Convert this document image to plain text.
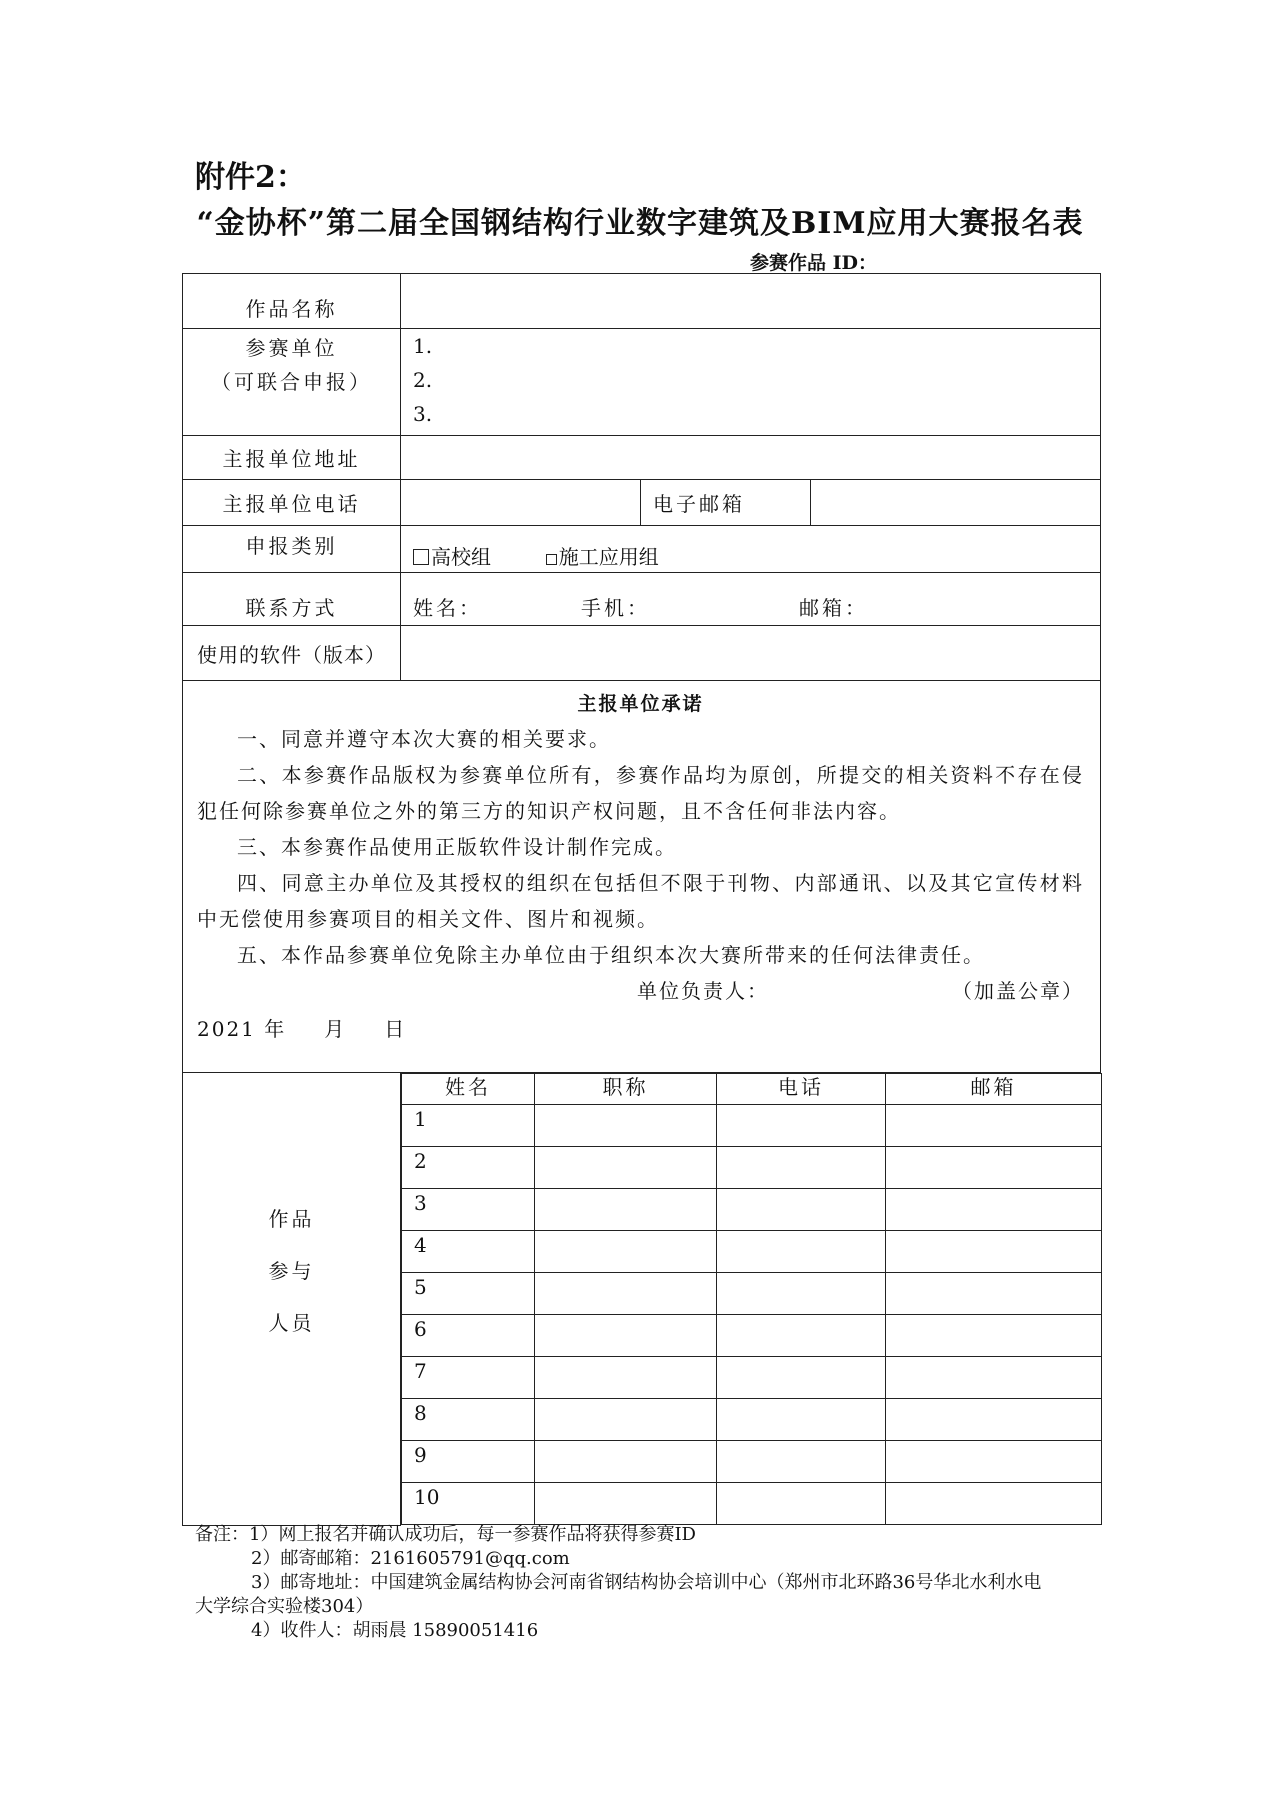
附件2：
“金协杯”第二届全国钢结构行业数字建筑及BIM应用大赛报名表
参赛作品 ID：
作品名称	

参赛单位
（可联合申报）

1.
2.
3.

主报单位地址	
主报单位电话		电子邮箱	
申报类别	高校组	施工应用组
联系方式	姓名：	手机：	邮箱：
使用的软件（版本）	

主报单位承诺

一、同意并遵守本次大赛的相关要求。

二、本参赛作品版权为参赛单位所有，参赛作品均为原创，所提交的相关资料不存在侵犯任何除参赛单位之外的第三方的知识产权问题，且不含任何非法内容。

三、本参赛作品使用正版软件设计制作完成。

四、同意主办单位及其授权的组织在包括但不限于刊物、内部通讯、以及其它宣传材料中无偿使用参赛项目的相关文件、图片和视频。

五、本作品参赛单位免除主办单位由于组织本次大赛所带来的任何法律责任。

单位负责人：	（加盖公章）

2021 年 月 日

作品
参与
人员

姓名	职称	电话	邮箱
1			
2			
3			
4			
5			
6			
7			
8			
9			
10			
备注：1）网上报名并确认成功后，每一参赛作品将获得参赛ID
2）邮寄邮箱：2161605791@qq.com
3）邮寄地址：中国建筑金属结构协会河南省钢结构协会培训中心（郑州市北环路36号华北水利水电
大学综合实验楼304）
4）收件人：胡雨晨 15890051416
